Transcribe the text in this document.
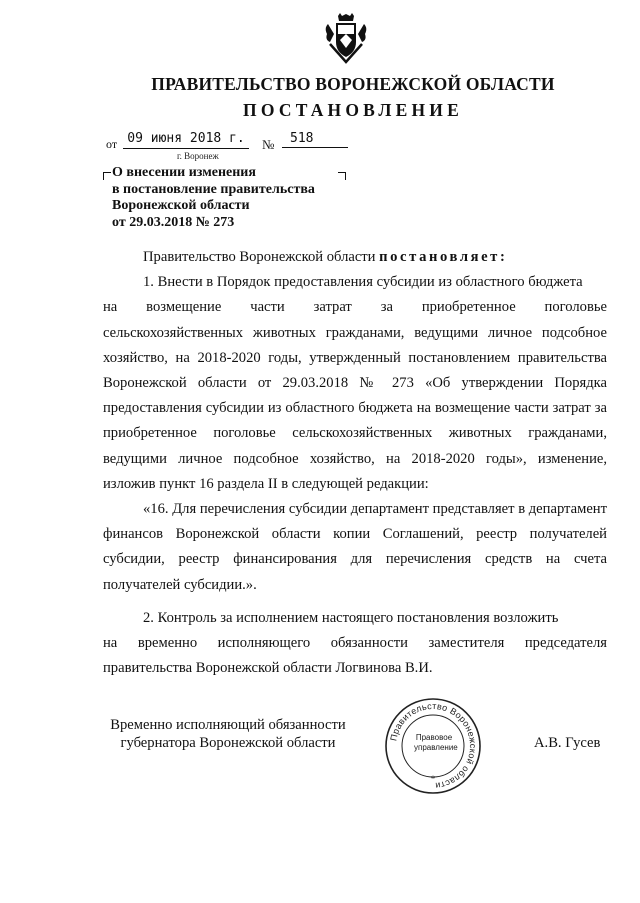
ПРАВИТЕЛЬСТВО ВОРОНЕЖСКОЙ ОБЛАСТИ
ПОСТАНОВЛЕНИЕ
от 09 июня 2018 г.	№	518
г. Воронеж
О внесении изменения
в постановление правительства
Воронежской области
от 29.03.2018 № 273

Правительство Воронежской области постановляет:

1. Внести в Порядок предоставления субсидии из областного бюджета

на возмещение части затрат за приобретенное поголовье

сельскохозяйственных животных гражданами, ведущими личное подсобное хозяйство, на 2018-2020 годы, утвержденный постановлением правительства Воронежской области от 29.03.2018 № 273 «Об утверждении Порядка предоставления субсидии из областного бюджета на возмещение части затрат за приобретенное поголовье сельскохозяйственных животных гражданами, ведущими личное подсобное хозяйство, на 2018-2020 годы», изменение, изложив пункт 16 раздела II в следующей редакции:

«16. Для перечисления субсидии департамент представляет в департамент финансов Воронежской области копии Соглашений, реестр получателей субсидии, реестр финансирования для перечисления средств на счета получателей субсидии.».

2. Контроль за исполнением настоящего постановления возложить

на временно исполняющего обязанности заместителя председателя

правительства Воронежской области Логвинова В.И.

Временно исполняющий обязанности
губернатора Воронежской области	А.В. Гусев
Правительство Воронежской области
*
Правовое
управление
